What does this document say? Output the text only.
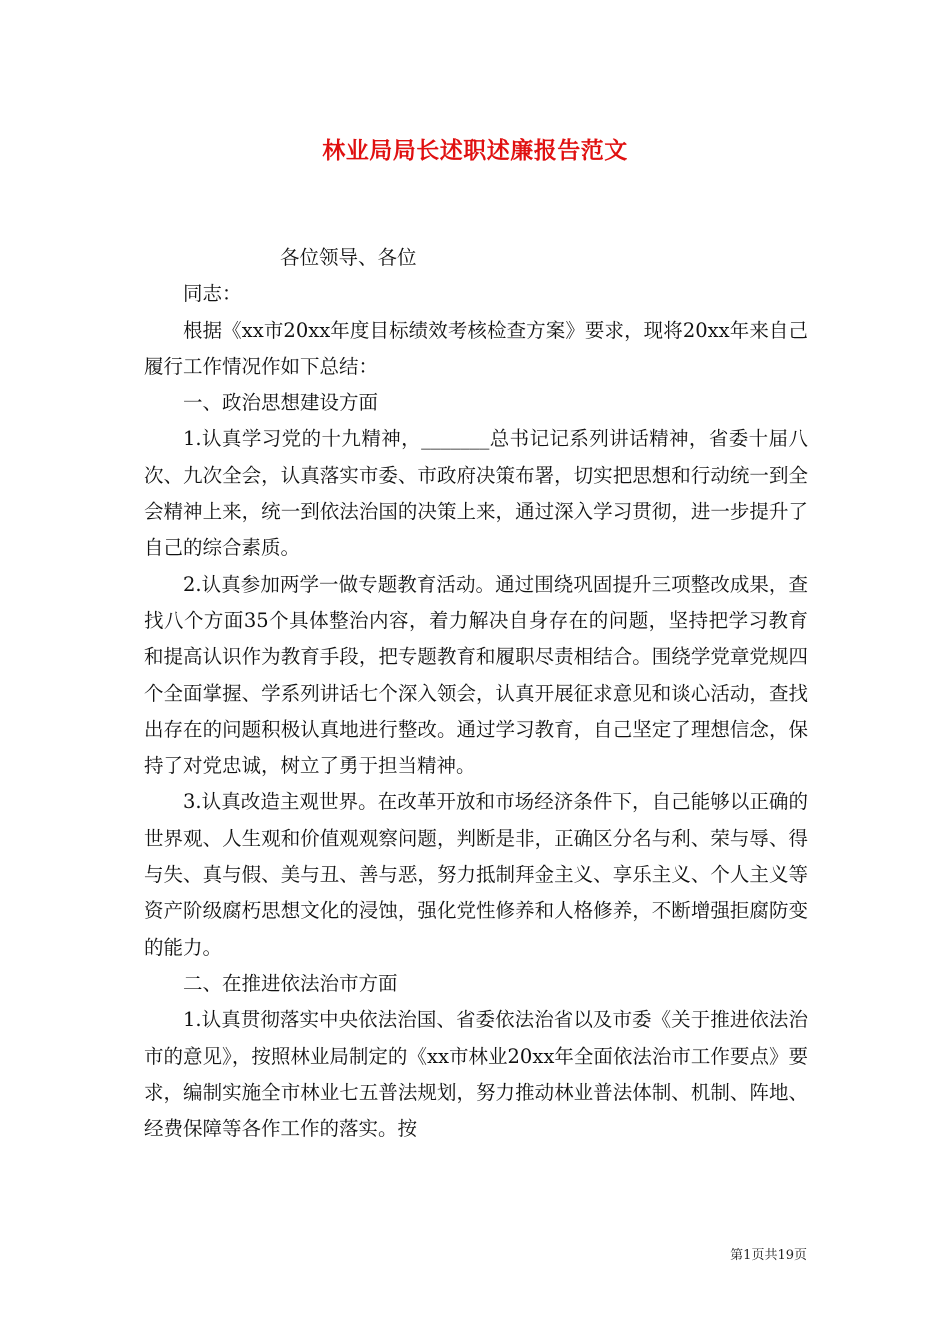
林业局局长述职述廉报告范文

各位领导、各位

同志：

根据《xx市20xx年度目标绩效考核检查方案》要求，现将20xx年来自己履行工作情况作如下总结：

一、政治思想建设方面

1.认真学习党的十九精神，_______总书记记系列讲话精神，省委十届八次、九次全会，认真落实市委、市政府决策布署，切实把思想和行动统一到全会精神上来，统一到依法治国的决策上来，通过深入学习贯彻，进一步提升了自己的综合素质。

2.认真参加两学一做专题教育活动。通过围绕巩固提升三项整改成果，查找八个方面35个具体整治内容，着力解决自身存在的问题，坚持把学习教育和提高认识作为教育手段，把专题教育和履职尽责相结合。围绕学党章党规四个全面掌握、学系列讲话七个深入领会，认真开展征求意见和谈心活动，查找出存在的问题积极认真地进行整改。通过学习教育，自己坚定了理想信念，保持了对党忠诚，树立了勇于担当精神。

3.认真改造主观世界。在改革开放和市场经济条件下，自己能够以正确的世界观、人生观和价值观观察问题，判断是非，正确区分名与利、荣与辱、得与失、真与假、美与丑、善与恶，努力抵制拜金主义、享乐主义、个人主义等资产阶级腐朽思想文化的浸蚀，强化党性修养和人格修养，不断增强拒腐防变的能力。

二、在推进依法治市方面

1.认真贯彻落实中央依法治国、省委依法治省以及市委《关于推进依法治市的意见》，按照林业局制定的《xx市林业20xx年全面依法治市工作要点》要求，编制实施全市林业七五普法规划，努力推动林业普法体制、机制、阵地、经费保障等各作工作的落实。按

第1页共19页
